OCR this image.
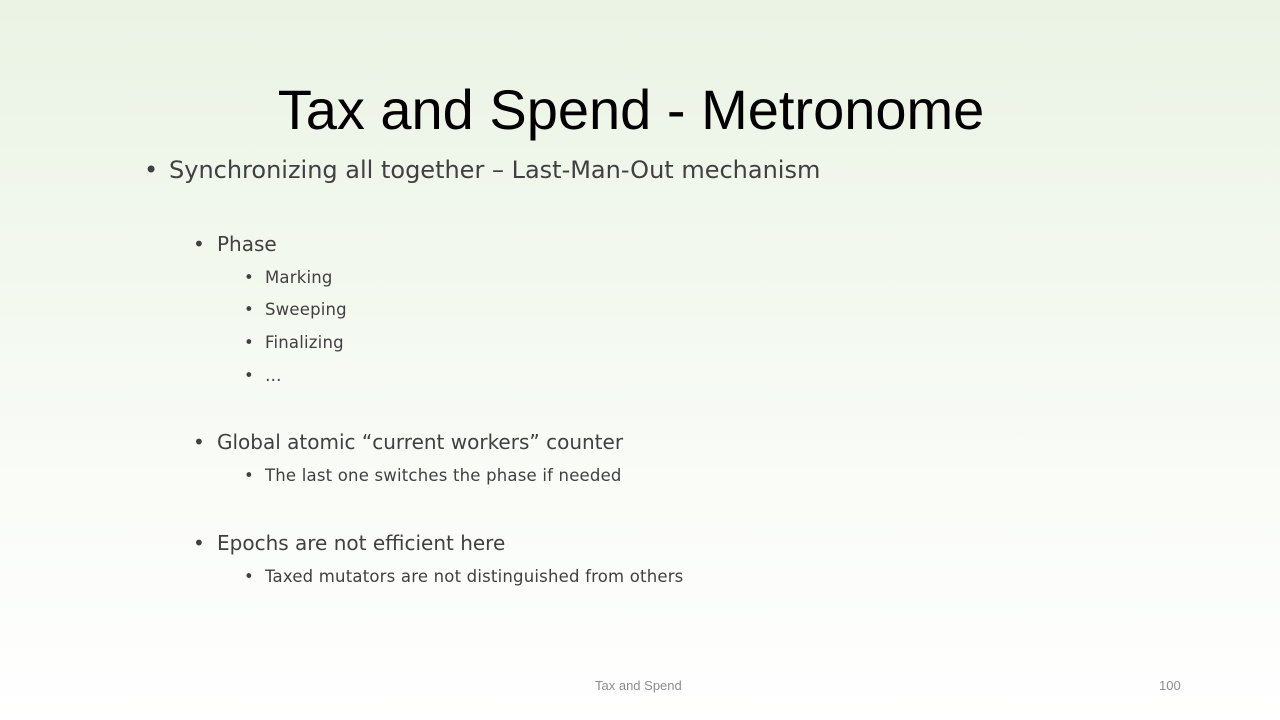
Tax and Spend - Metronome
• Synchronizing all together – Last-Man-Out mechanism
• Phase
• Marking
• Sweeping
• Finalizing
• …
• Global atomic “current workers” counter
• The last one switches the phase if needed
• Epochs are not efficient here
• Taxed mutators are not distinguished from others
Tax and Spend	100
